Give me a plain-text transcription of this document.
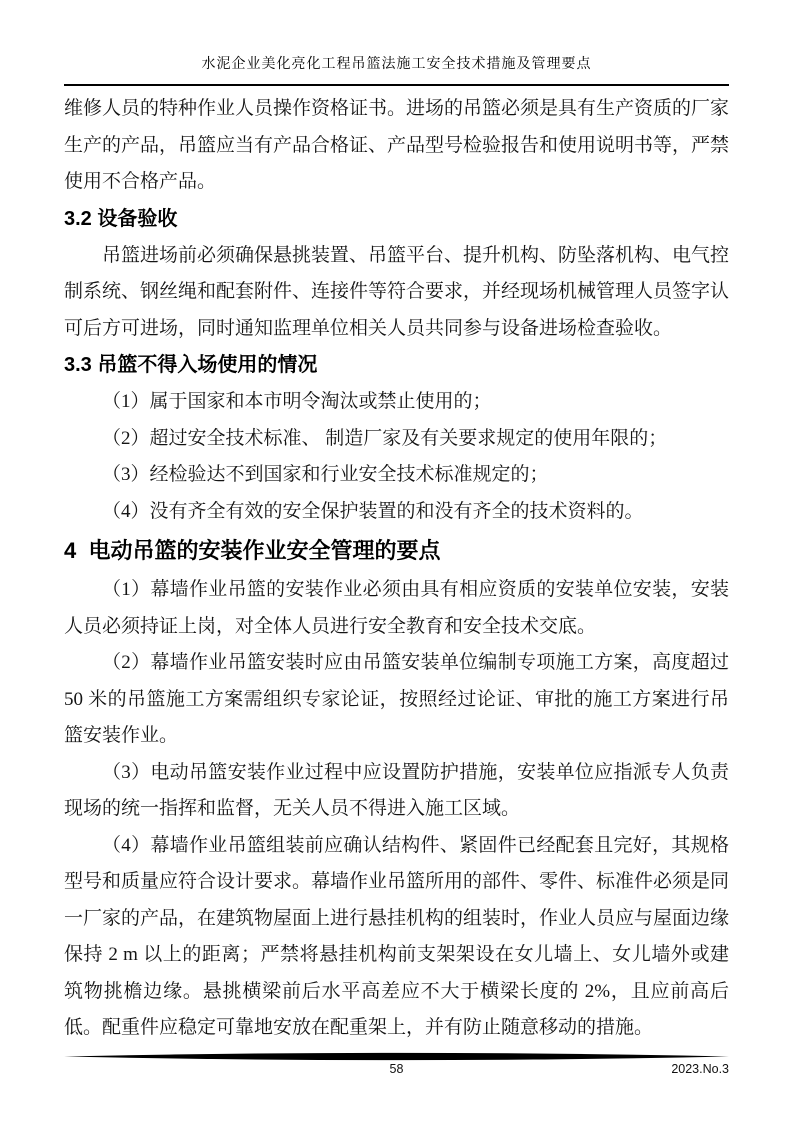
水泥企业美化亮化工程吊篮法施工安全技术措施及管理要点

维修人员的特种作业人员操作资格证书。进场的吊篮必须是具有生产资质的厂家生产的产品，吊篮应当有产品合格证、产品型号检验报告和使用说明书等，严禁使用不合格产品。

3.2 设备验收

吊篮进场前必须确保悬挑装置、吊篮平台、提升机构、防坠落机构、电气控制系统、钢丝绳和配套附件、连接件等符合要求，并经现场机械管理人员签字认可后方可进场，同时通知监理单位相关人员共同参与设备进场检查验收。

3.3 吊篮不得入场使用的情况

（1）属于国家和本市明令淘汰或禁止使用的；

（2）超过安全技术标准、 制造厂家及有关要求规定的使用年限的；

（3）经检验达不到国家和行业安全技术标准规定的；

（4）没有齐全有效的安全保护装置的和没有齐全的技术资料的。

4  电动吊篮的安装作业安全管理的要点

（1）幕墙作业吊篮的安装作业必须由具有相应资质的安装单位安装，安装人员必须持证上岗，对全体人员进行安全教育和安全技术交底。

（2）幕墙作业吊篮安装时应由吊篮安装单位编制专项施工方案，高度超过50 米的吊篮施工方案需组织专家论证，按照经过论证、审批的施工方案进行吊篮安装作业。

（3）电动吊篮安装作业过程中应设置防护措施，安装单位应指派专人负责现场的统一指挥和监督，无关人员不得进入施工区域。

（4）幕墙作业吊篮组装前应确认结构件、紧固件已经配套且完好，其规格型号和质量应符合设计要求。幕墙作业吊篮所用的部件、零件、标准件必须是同一厂家的产品，在建筑物屋面上进行悬挂机构的组装时，作业人员应与屋面边缘保持 2 m 以上的距离；严禁将悬挂机构前支架架设在女儿墙上、女儿墙外或建筑物挑檐边缘。悬挑横梁前后水平高差应不大于横梁长度的 2%，且应前高后低。配重件应稳定可靠地安放在配重架上，并有防止随意移动的措施。

58	2023.No.3
